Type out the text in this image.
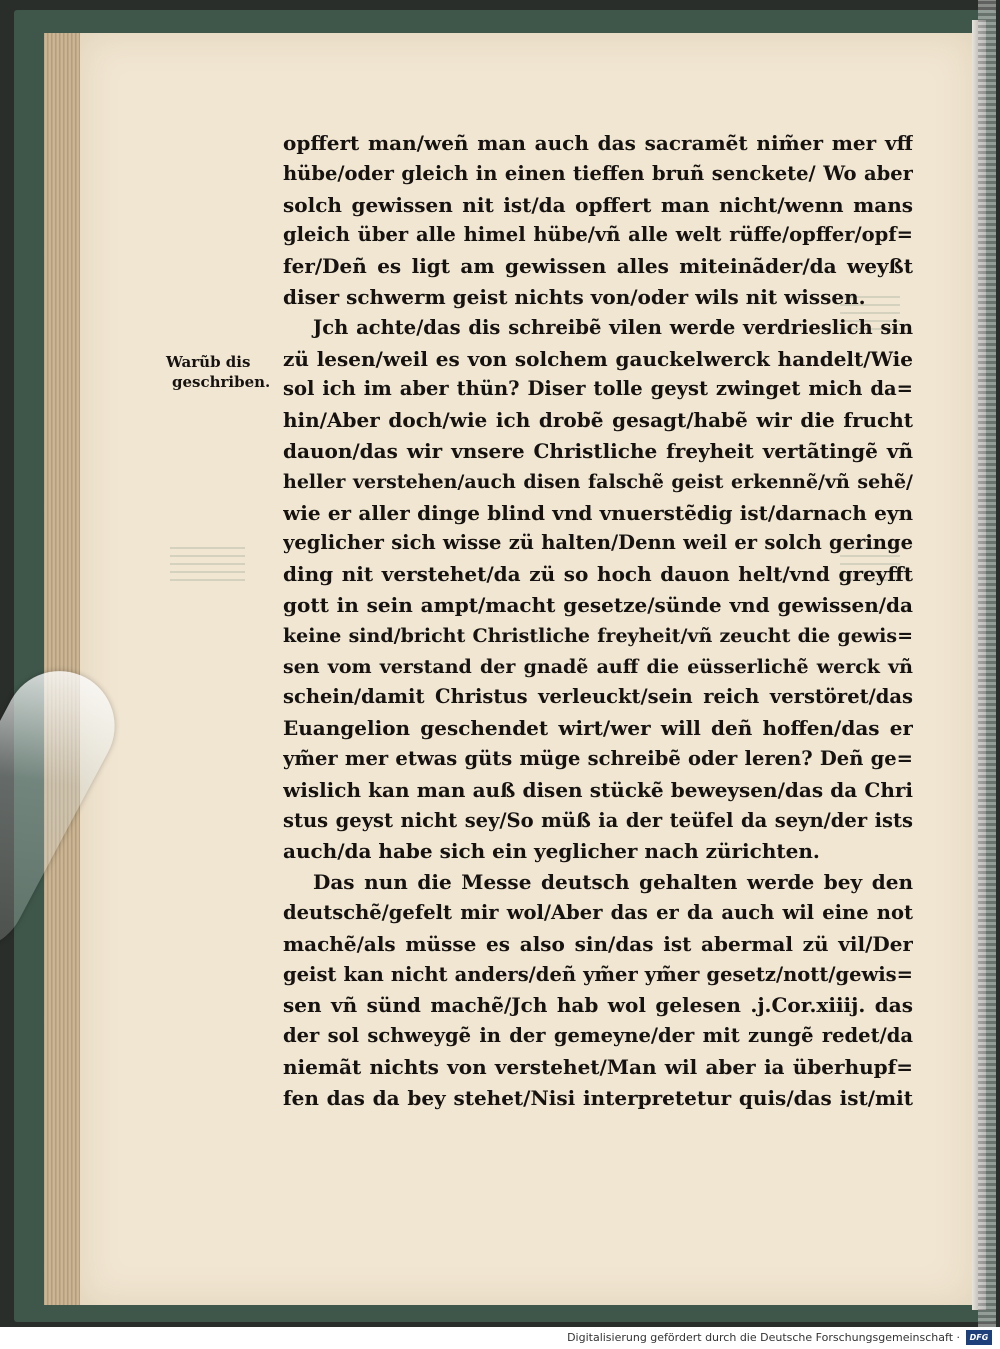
Warũb dis
geschriben.
opffert man/weñ man auch das sacramẽt nim̃er mer vff
hübe/oder gleich in einen tieffen bruñ senckete/ Wo aber
solch gewissen nit ist/da opffert man nicht/wenn mans
gleich über alle himel hübe/vñ alle welt rüffe/opffer/opf=
fer/Deñ es ligt am gewissen alles miteinãder/da weyßt
diser schwerm geist nichts von/oder wils nit wissen.
Jch achte/das dis schreibẽ vilen werde verdrieslich sin
zü lesen/weil es von solchem gauckelwerck handelt/Wie
sol ich im aber thün? Diser tolle geyst zwinget mich da=
hin/Aber doch/wie ich drobẽ gesagt/habẽ wir die frucht
dauon/das wir vnsere Christliche freyheit vertãtingẽ vñ
heller verstehen/auch disen falschẽ geist erkennẽ/vñ sehẽ/
wie er aller dinge blind vnd vnuerstẽdig ist/darnach eyn
yeglicher sich wisse zü halten/Denn weil er solch geringe
ding nit verstehet/da zü so hoch dauon helt/vnd greyfft
gott in sein ampt/macht gesetze/sünde vnd gewissen/da
keine sind/bricht Christliche freyheit/vñ zeucht die gewis=
sen vom verstand der gnadẽ auff die eüsserlichẽ werck vñ
schein/damit Christus verleuckt/sein reich verstöret/das
Euangelion geschendet wirt/wer will deñ hoffen/das er
ym̃er mer etwas güts müge schreibẽ oder leren? Deñ ge=
wislich kan man auß disen stückẽ beweysen/das da Chri
stus geyst nicht sey/So müß ia der teüfel da seyn/der ists
auch/da habe sich ein yeglicher nach zürichten.
Das nun die Messe deutsch gehalten werde bey den
deutschẽ/gefelt mir wol/Aber das er da auch wil eine not
machẽ/als müsse es also sin/das ist abermal zü vil/Der
geist kan nicht anders/deñ ym̃er ym̃er gesetz/nott/gewis=
sen vñ sünd machẽ/Jch hab wol gelesen .j.Cor.xiiij. das
der sol schweygẽ in der gemeyne/der mit zungẽ redet/da
niemãt nichts von verstehet/Man wil aber ia überhupf=
fen das da bey stehet/Nisi interpretetur quis/das ist/mit
Digitalisierung gefördert durch die Deutsche Forschungsgemeinschaft ·	DFG
